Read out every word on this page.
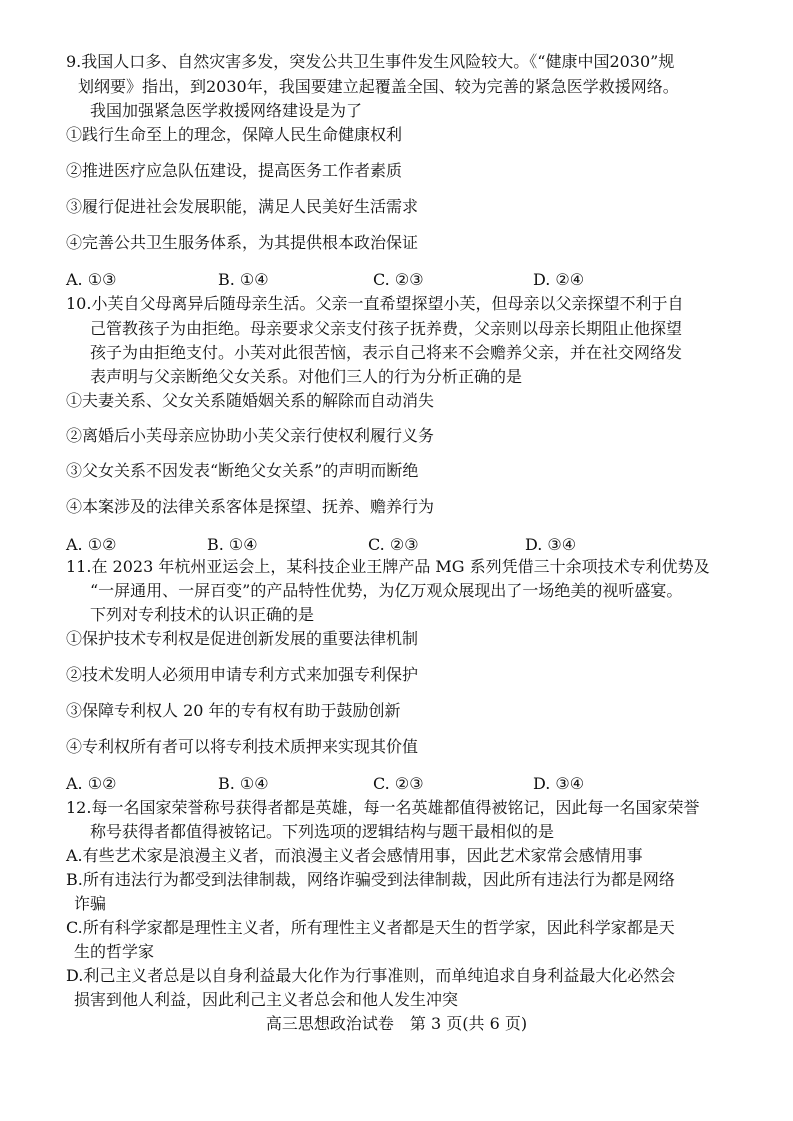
9.我国人口多、自然灾害多发，突发公共卫生事件发生风险较大。《“健康中国2030”规
划纲要》指出，到2030年，我国要建立起覆盖全国、较为完善的紧急医学救援网络。
我国加强紧急医学救援网络建设是为了
①践行生命至上的理念，保障人民生命健康权利
②推进医疗应急队伍建设，提高医务工作者素质
③履行促进社会发展职能，满足人民美好生活需求
④完善公共卫生服务体系，为其提供根本政治保证
A. ①③	B. ①④	C. ②③	D. ②④
10.小芙自父母离异后随母亲生活。父亲一直希望探望小芙，但母亲以父亲探望不利于自
己管教孩子为由拒绝。母亲要求父亲支付孩子抚养费，父亲则以母亲长期阻止他探望
孩子为由拒绝支付。小芙对此很苦恼，表示自己将来不会赡养父亲，并在社交网络发
表声明与父亲断绝父女关系。对他们三人的行为分析正确的是
①夫妻关系、父女关系随婚姻关系的解除而自动消失
②离婚后小芙母亲应协助小芙父亲行使权利履行义务
③父女关系不因发表“断绝父女关系”的声明而断绝
④本案涉及的法律关系客体是探望、抚养、赡养行为
A. ①②	B. ①④	C. ②③	D. ③④
11.在 2023 年杭州亚运会上，某科技企业王牌产品 MG 系列凭借三十余项技术专利优势及
“一屏通用、一屏百变”的产品特性优势，为亿万观众展现出了一场绝美的视听盛宴。
下列对专利技术的认识正确的是
①保护技术专利权是促进创新发展的重要法律机制
②技术发明人必须用申请专利方式来加强专利保护
③保障专利权人 20 年的专有权有助于鼓励创新
④专利权所有者可以将专利技术质押来实现其价值
A. ①②	B. ①④	C. ②③	D. ③④
12.每一名国家荣誉称号获得者都是英雄，每一名英雄都值得被铭记，因此每一名国家荣誉
称号获得者都值得被铭记。下列选项的逻辑结构与题干最相似的是
A.有些艺术家是浪漫主义者，而浪漫主义者会感情用事，因此艺术家常会感情用事
B.所有违法行为都受到法律制裁，网络诈骗受到法律制裁，因此所有违法行为都是网络
诈骗
C.所有科学家都是理性主义者，所有理性主义者都是天生的哲学家，因此科学家都是天
生的哲学家
D.利己主义者总是以自身利益最大化作为行事准则，而单纯追求自身利益最大化必然会
损害到他人利益，因此利己主义者总会和他人发生冲突
高三思想政治试卷　第 3 页(共 6 页)
